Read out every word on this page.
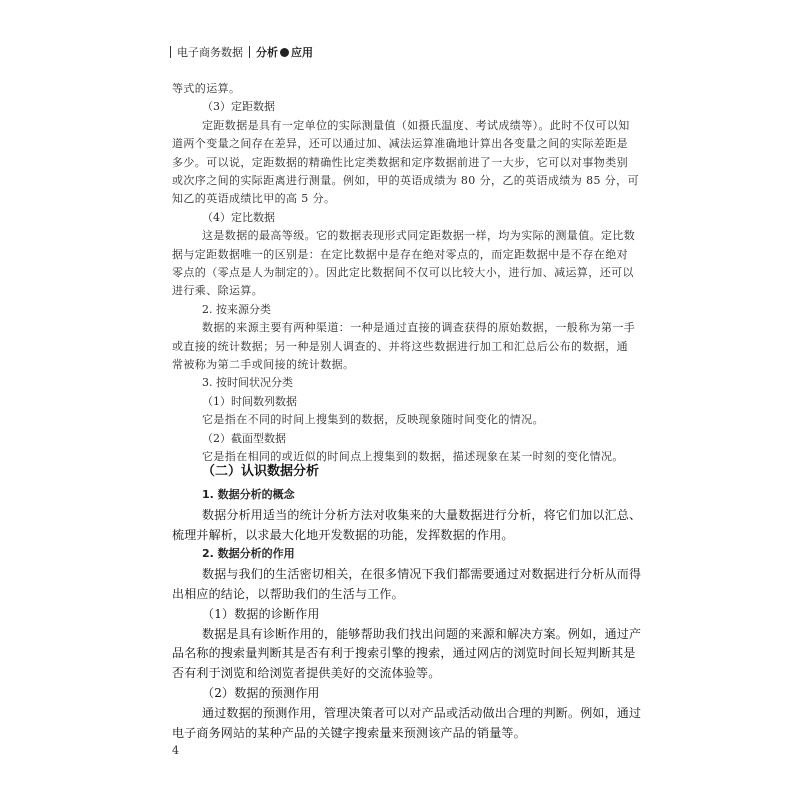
电子商务数据 分析 应用
等式的运算。
（3）定距数据
定距数据是具有一定单位的实际测量值（如摄氏温度、考试成绩等）。此时不仅可以知
道两个变量之间存在差异，还可以通过加、减法运算准确地计算出各变量之间的实际差距是
多少。可以说，定距数据的精确性比定类数据和定序数据前进了一大步，它可以对事物类别
或次序之间的实际距离进行测量。例如，甲的英语成绩为 80 分，乙的英语成绩为 85 分，可
知乙的英语成绩比甲的高 5 分。
（4）定比数据
这是数据的最高等级。它的数据表现形式同定距数据一样，均为实际的测量值。定比数
据与定距数据唯一的区别是：在定比数据中是存在绝对零点的，而定距数据中是不存在绝对
零点的（零点是人为制定的）。因此定比数据间不仅可以比较大小，进行加、减运算，还可以
进行乘、除运算。
2. 按来源分类
数据的来源主要有两种渠道：一种是通过直接的调查获得的原始数据，一般称为第一手
或直接的统计数据；另一种是别人调查的、并将这些数据进行加工和汇总后公布的数据，通
常被称为第二手或间接的统计数据。
3. 按时间状况分类
（1）时间数列数据
它是指在不同的时间上搜集到的数据，反映现象随时间变化的情况。
（2）截面型数据
它是指在相同的或近似的时间点上搜集到的数据，描述现象在某一时刻的变化情况。
（二）认识数据分析
1. 数据分析的概念
数据分析用适当的统计分析方法对收集来的大量数据进行分析，将它们加以汇总、
梳理并解析，以求最大化地开发数据的功能，发挥数据的作用。
2. 数据分析的作用
数据与我们的生活密切相关，在很多情况下我们都需要通过对数据进行分析从而得
出相应的结论，以帮助我们的生活与工作。
（1）数据的诊断作用
数据是具有诊断作用的，能够帮助我们找出问题的来源和解决方案。例如，通过产
品名称的搜索量判断其是否有利于搜索引擎的搜索，通过网店的浏览时间长短判断其是
否有利于浏览和给浏览者提供美好的交流体验等。
（2）数据的预测作用
通过数据的预测作用，管理决策者可以对产品或活动做出合理的判断。例如，通过
电子商务网站的某种产品的关键字搜索量来预测该产品的销量等。
4
